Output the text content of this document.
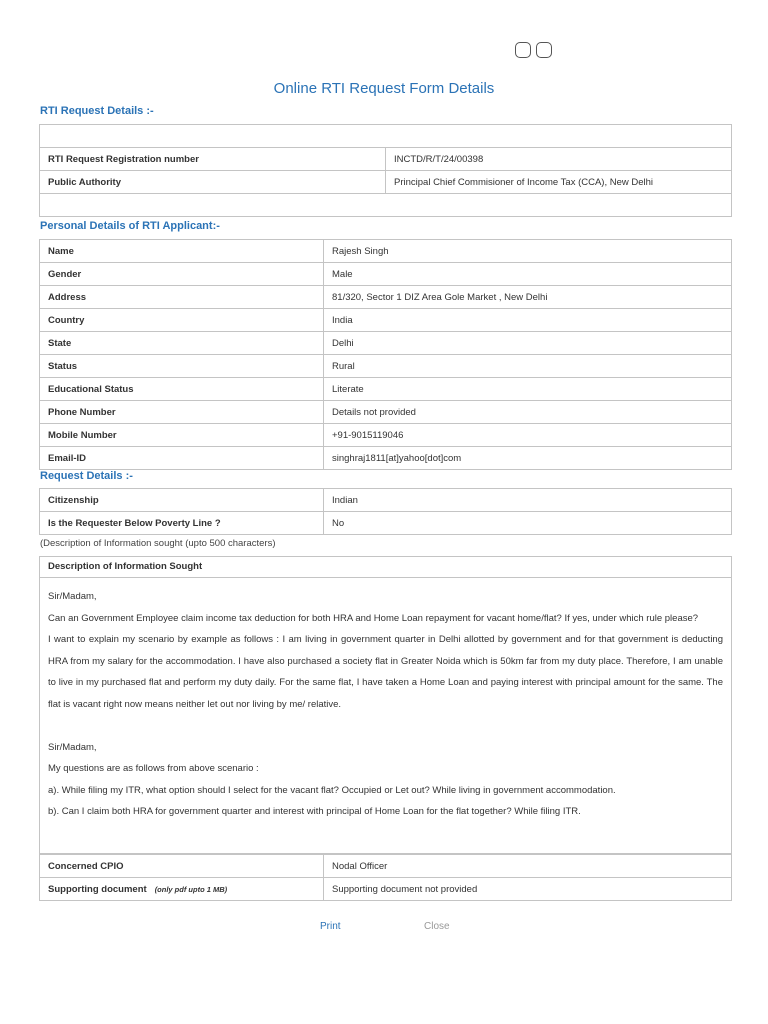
Online RTI Request Form Details
RTI Request Details :-

RTI Request Registration number	INCTD/R/T/24/00398
Public Authority	Principal Chief Commisioner of Income Tax (CCA), New Delhi

Personal Details of RTI Applicant:-
Name	Rajesh Singh
Gender	Male
Address	81/320, Sector 1 DIZ Area Gole Market , New Delhi
Country	India
State	Delhi
Status	Rural
Educational Status	Literate
Phone Number	Details not provided
Mobile Number	+91-9015119046
Email-ID	singhraj1811[at]yahoo[dot]com
Request Details :-
Citizenship	Indian
Is the Requester Below Poverty Line ?	No
(Description of Information sought (upto 500 characters)
Description of Information Sought

Sir/Madam,

Can an Government Employee claim income tax deduction for both HRA and Home Loan repayment for vacant home/flat? If yes, under which rule please?

I want to explain my scenario by example as follows : I am living in government quarter in Delhi allotted by government and for that government is deducting HRA from my salary for the accommodation. I have also purchased a society flat in Greater Noida which is 50km far from my duty place. Therefore, I am unable to live in my purchased flat and perform my duty daily. For the same flat, I have taken a Home Loan and paying interest with principal amount for the same. The flat is vacant right now means neither let out nor living by me/ relative.

Sir/Madam,

My questions are as follows from above scenario :

a). While filing my ITR, what option should I select for the vacant flat? Occupied or Let out? While living in government accommodation.

b). Can I claim both HRA for government quarter and interest with principal of Home Loan for the flat together? While filing ITR.

Concerned CPIO	Nodal Officer
Supporting document (only pdf upto 1 MB)	Supporting document not provided
Print	Close
